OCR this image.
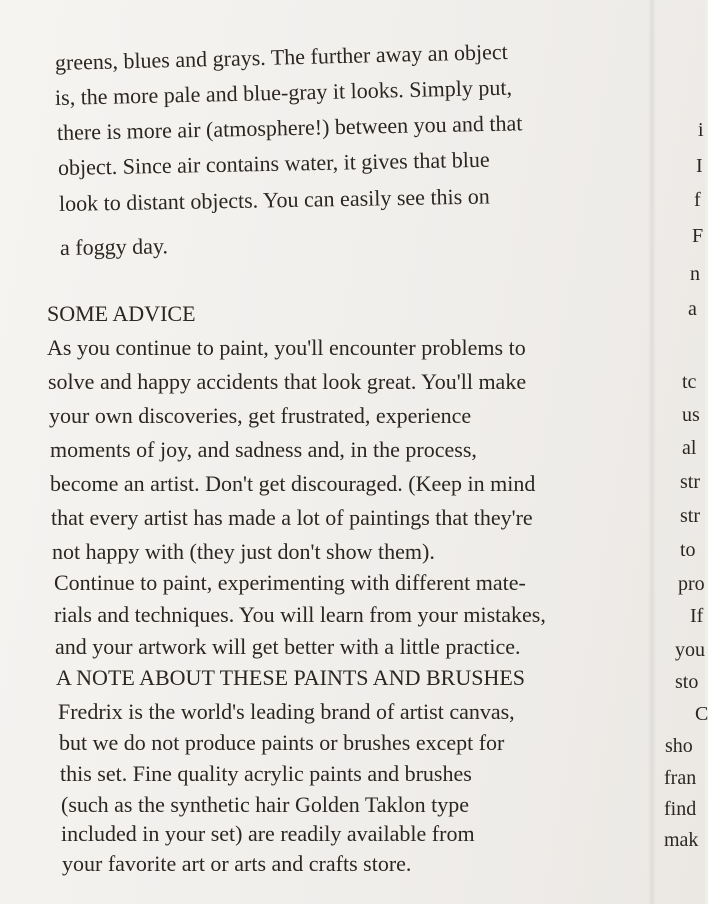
greens, blues and grays. The further away an object
is, the more pale and blue-gray it looks. Simply put,
there is more air (atmosphere!) between you and that
object. Since air contains water, it gives that blue
look to distant objects. You can easily see this on
a foggy day.
SOME ADVICE
As you continue to paint, you'll encounter problems to
solve and happy accidents that look great. You'll make
your own discoveries, get frustrated, experience
moments of joy, and sadness and, in the process,
become an artist. Don't get discouraged. (Keep in mind
that every artist has made a lot of paintings that they're
not happy with (they just don't show them).
Continue to paint, experimenting with different mate-
rials and techniques. You will learn from your mistakes,
and your artwork will get better with a little practice.
A NOTE ABOUT THESE PAINTS AND BRUSHES
Fredrix is the world's leading brand of artist canvas,
but we do not produce paints or brushes except for
this set. Fine quality acrylic paints and brushes
(such as the synthetic hair Golden Taklon type
included in your set) are readily available from
your favorite art or arts and crafts store.
i
I
f
F
n
a
tc
us
al
str
str
to
pro
If
you
sto
C
sho
fran
find
mak
